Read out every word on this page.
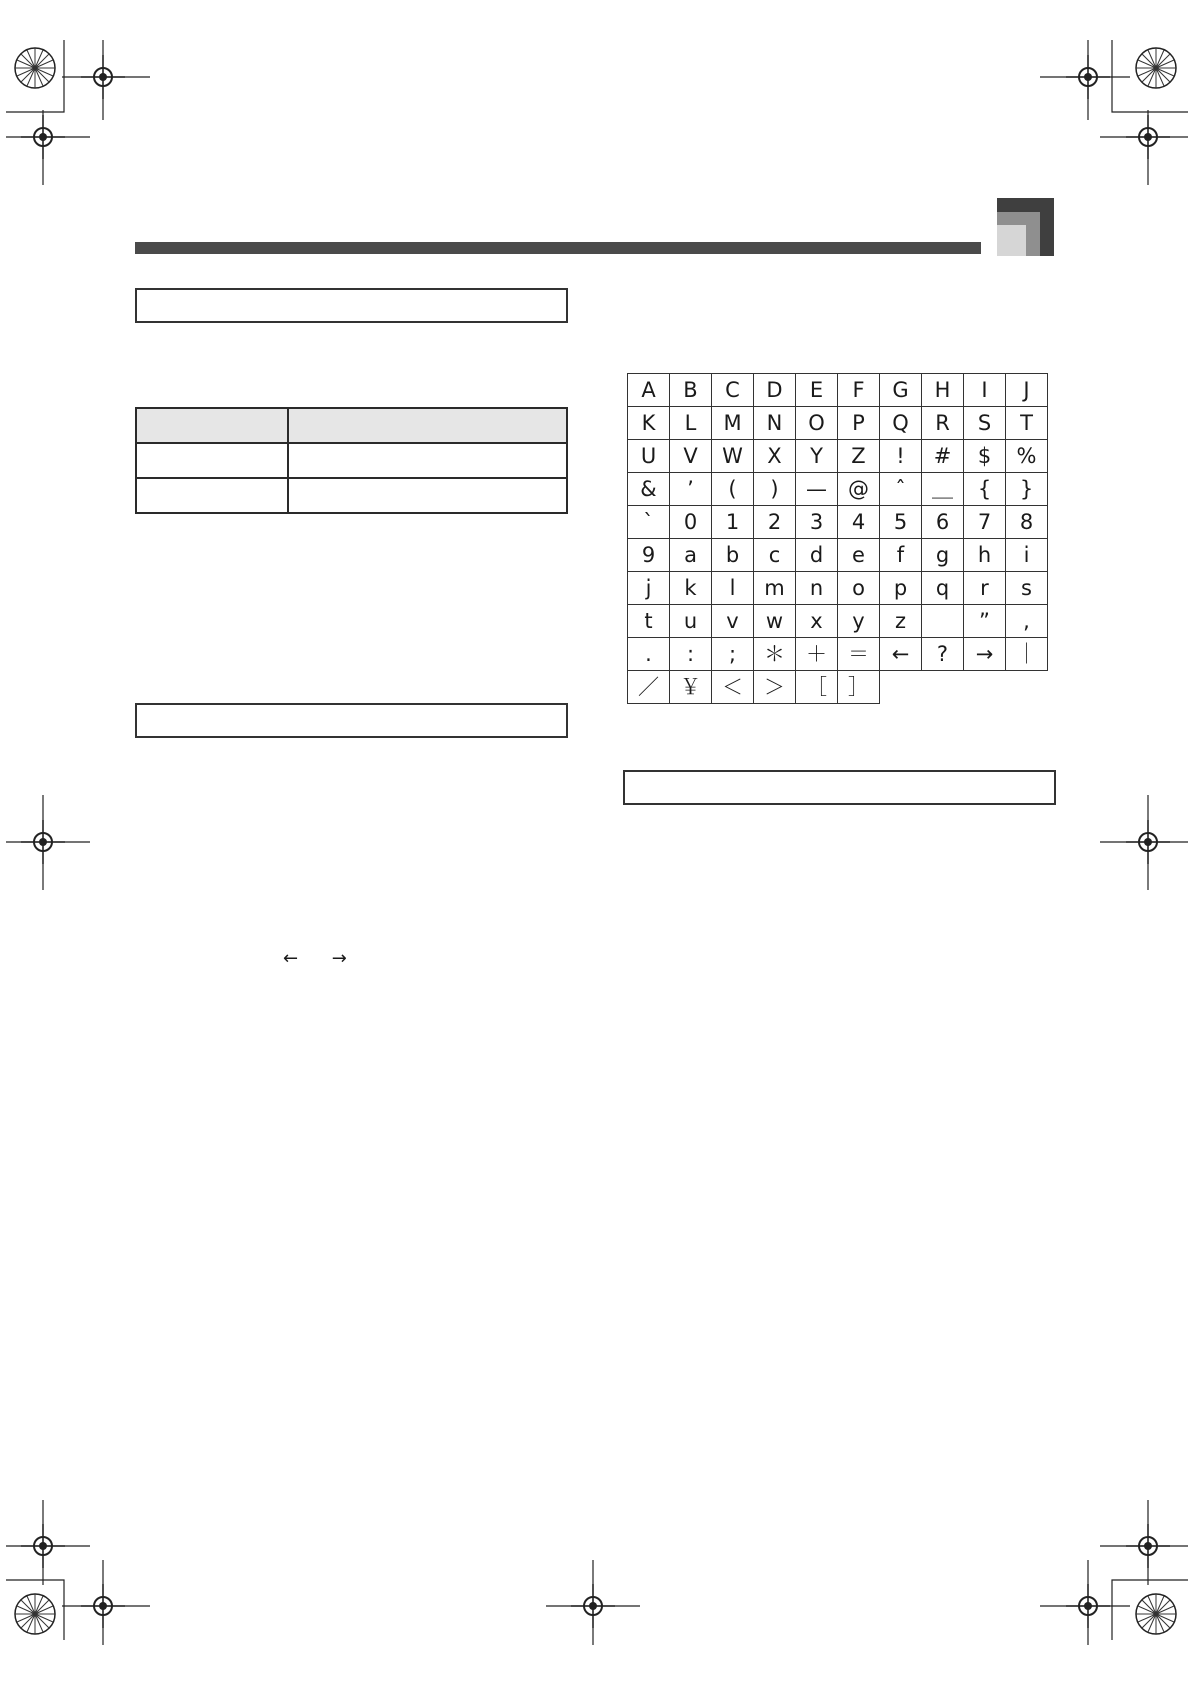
← →
A	B	C	D	E	F	G	H	I	J
K	L	M	N	O	P	Q	R	S	T
U	V	W	X	Y	Z	!	#	$	%
&	’	(	)	—	@	ˆ	＿	{	}
`	0	1	2	3	4	5	6	7	8
9	a	b	c	d	e	f	g	h	i
j	k	l	m	n	o	p	q	r	s
t	u	v	w	x	y	z		”	,
.	:	;	＊	＋	＝	←	?	→	｜
／	￥	＜	＞	［	］				
